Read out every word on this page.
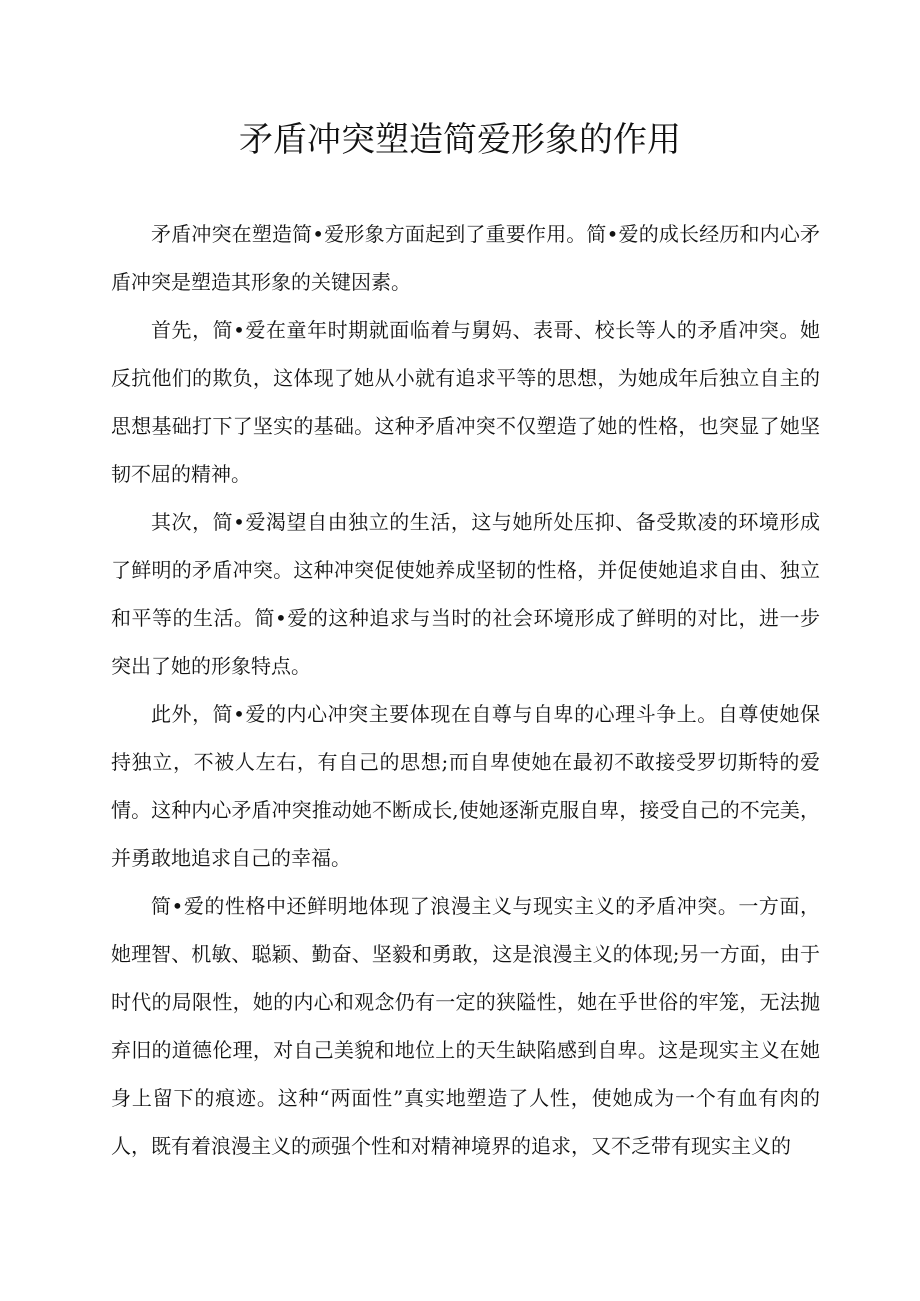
矛盾冲突塑造简爱形象的作用

矛盾冲突在塑造简•爱形象方面起到了重要作用。简•爱的成长经历和内心矛盾冲突是塑造其形象的关键因素。

首先，简•爱在童年时期就面临着与舅妈、表哥、校长等人的矛盾冲突。她反抗他们的欺负，这体现了她从小就有追求平等的思想，为她成年后独立自主的思想基础打下了坚实的基础。这种矛盾冲突不仅塑造了她的性格，也突显了她坚韧不屈的精神。

其次，简•爱渴望自由独立的生活，这与她所处压抑、备受欺凌的环境形成了鲜明的矛盾冲突。这种冲突促使她养成坚韧的性格，并促使她追求自由、独立和平等的生活。简•爱的这种追求与当时的社会环境形成了鲜明的对比，进一步突出了她的形象特点。

此外，简•爱的内心冲突主要体现在自尊与自卑的心理斗争上。自尊使她保持独立，不被人左右，有自己的思想;而自卑使她在最初不敢接受罗切斯特的爱情。这种内心矛盾冲突推动她不断成长,使她逐渐克服自卑，接受自己的不完美，并勇敢地追求自己的幸福。

简•爱的性格中还鲜明地体现了浪漫主义与现实主义的矛盾冲突。一方面，她理智、机敏、聪颖、勤奋、坚毅和勇敢，这是浪漫主义的体现;另一方面，由于时代的局限性，她的内心和观念仍有一定的狭隘性，她在乎世俗的牢笼，无法抛弃旧的道德伦理，对自己美貌和地位上的天生缺陷感到自卑。这是现实主义在她身上留下的痕迹。这种“两面性”真实地塑造了人性，使她成为一个有血有肉的人，既有着浪漫主义的顽强个性和对精神境界的追求，又不乏带有现实主义的
